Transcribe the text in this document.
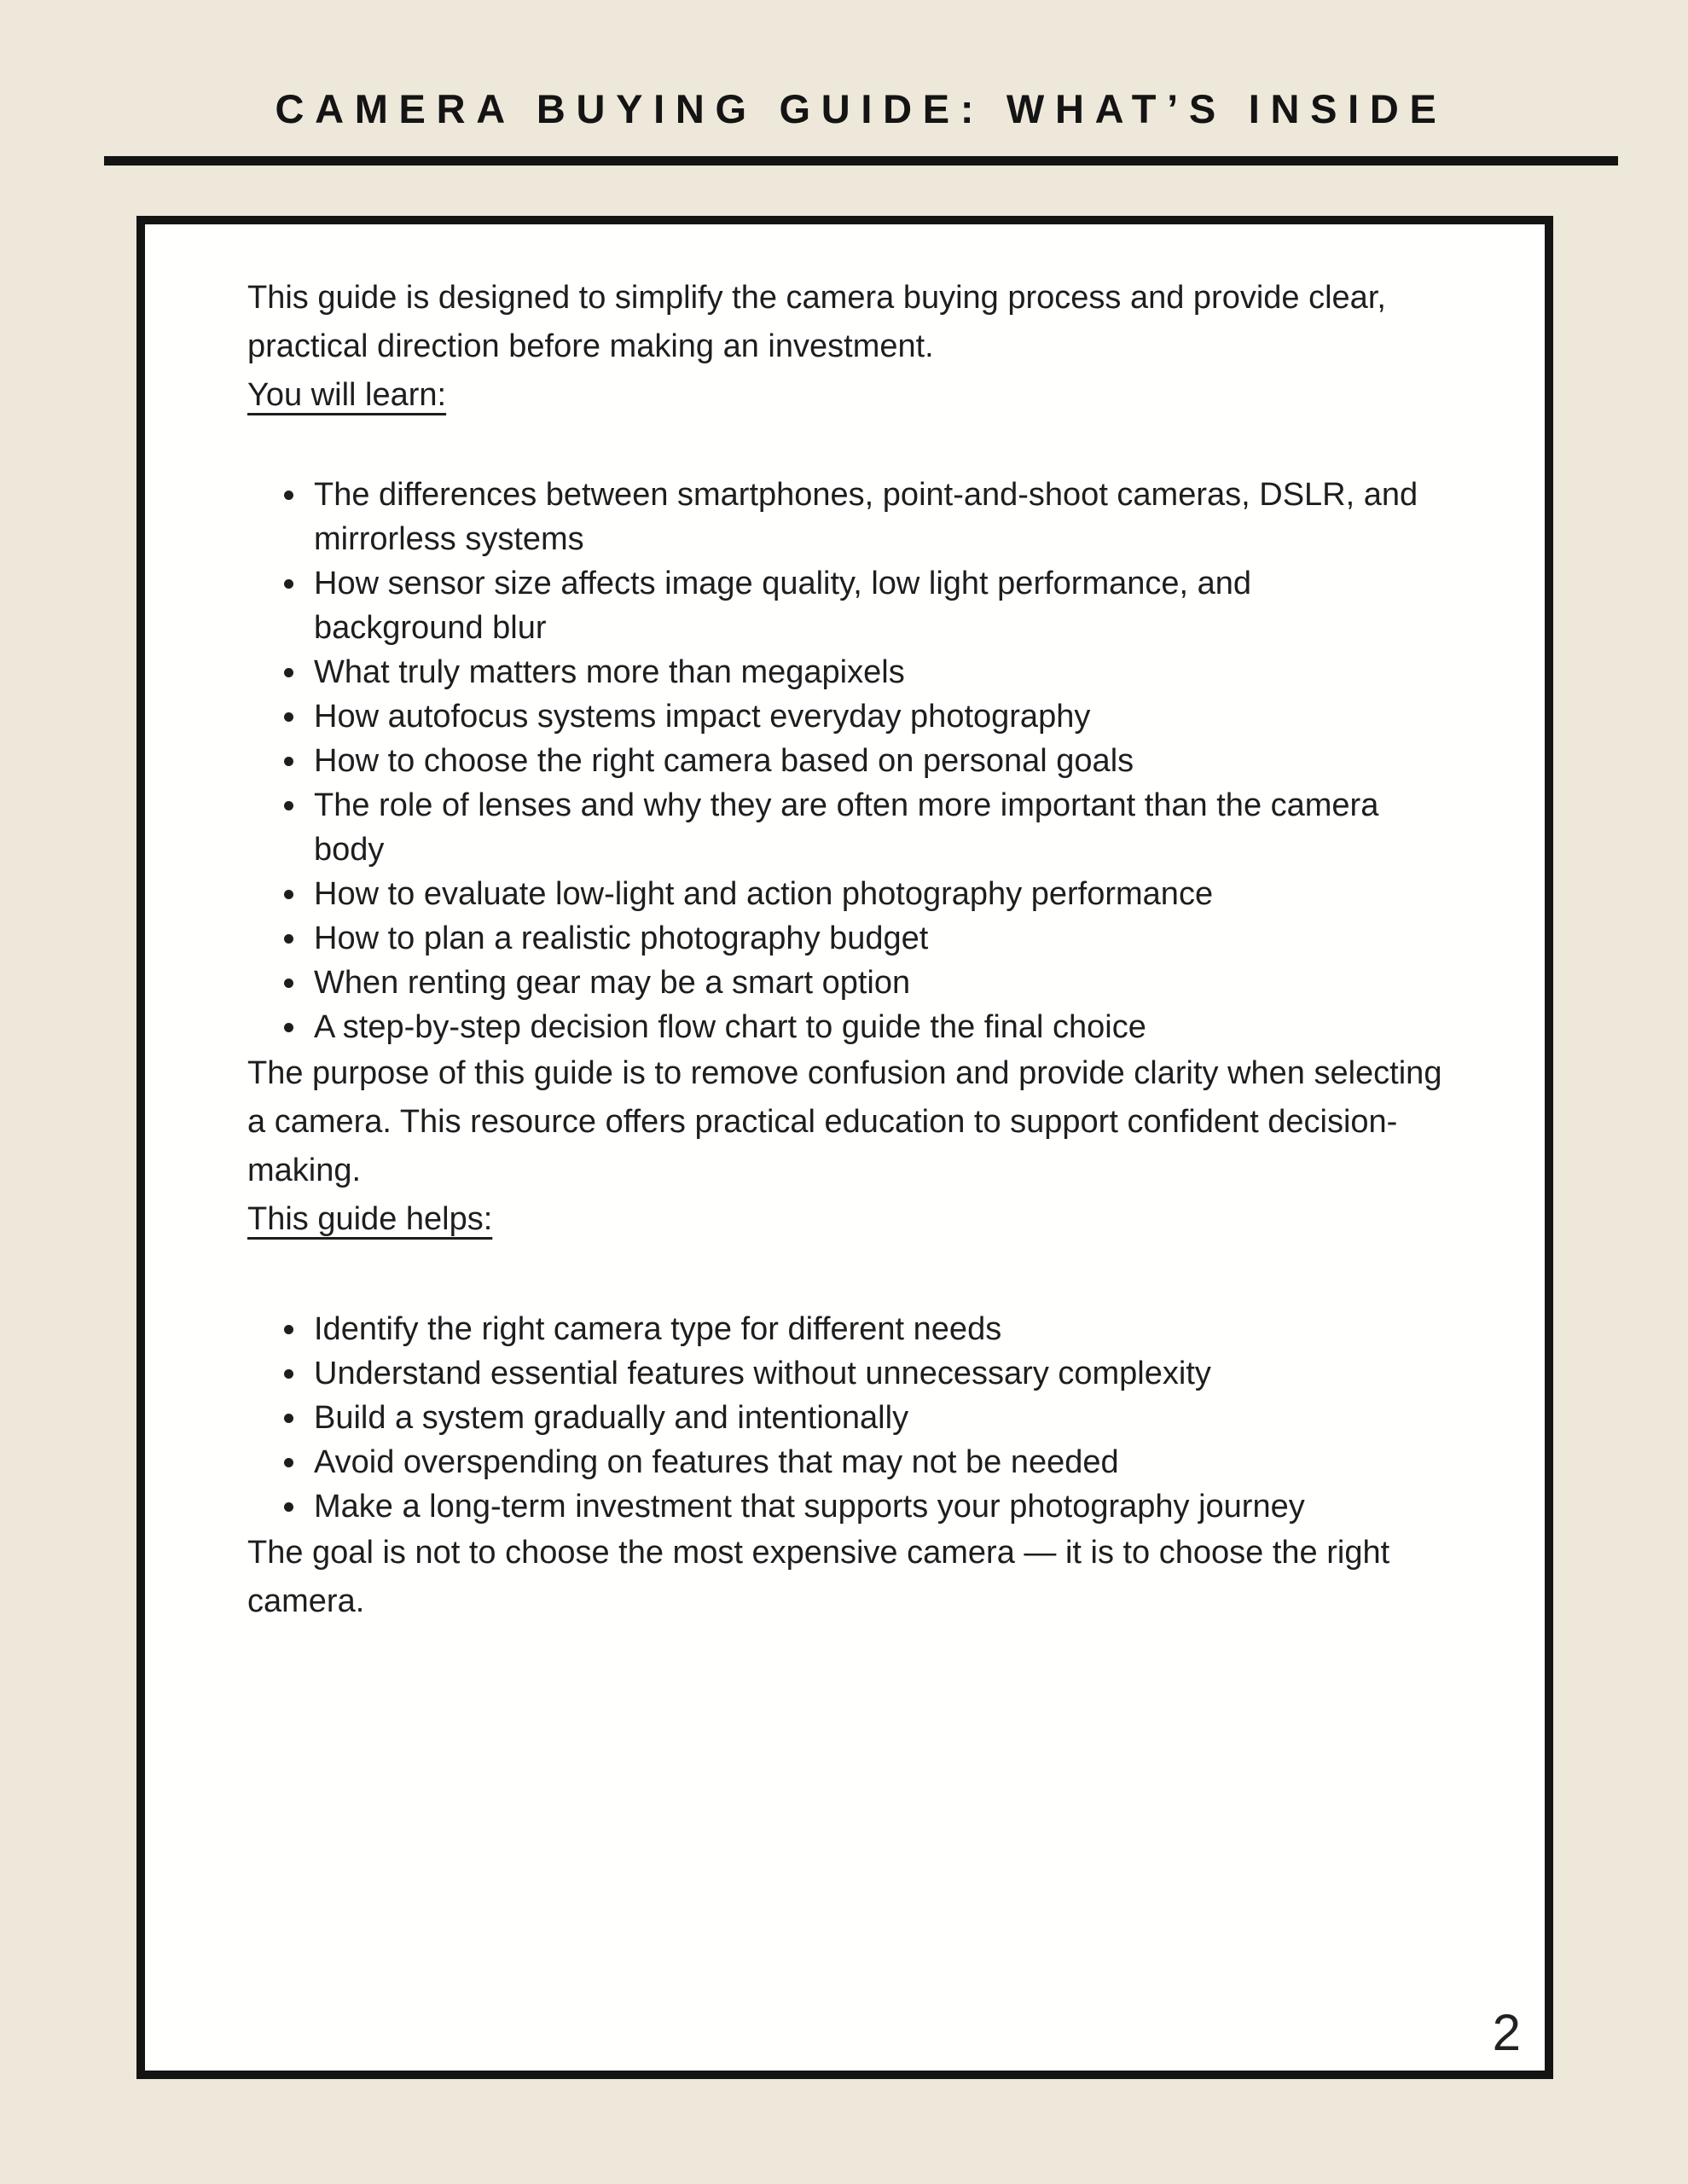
CAMERA BUYING GUIDE: WHAT’S INSIDE

This guide is designed to simplify the camera buying process and provide clear, practical direction before making an investment.

You will learn:
• The differences between smartphones, point-and-shoot cameras, DSLR, and mirrorless systems
• How sensor size affects image quality, low light performance, and background blur
• What truly matters more than megapixels
• How autofocus systems impact everyday photography
• How to choose the right camera based on personal goals
• The role of lenses and why they are often more important than the camera body
• How to evaluate low-light and action photography performance
• How to plan a realistic photography budget
• When renting gear may be a smart option
• A step-by-step decision flow chart to guide the final choice

The purpose of this guide is to remove confusion and provide clarity when selecting a camera. This resource offers practical education to support confident decision-making.

This guide helps:
• Identify the right camera type for different needs
• Understand essential features without unnecessary complexity
• Build a system gradually and intentionally
• Avoid overspending on features that may not be needed
• Make a long-term investment that supports your photography journey

The goal is not to choose the most expensive camera — it is to choose the right camera.

2
